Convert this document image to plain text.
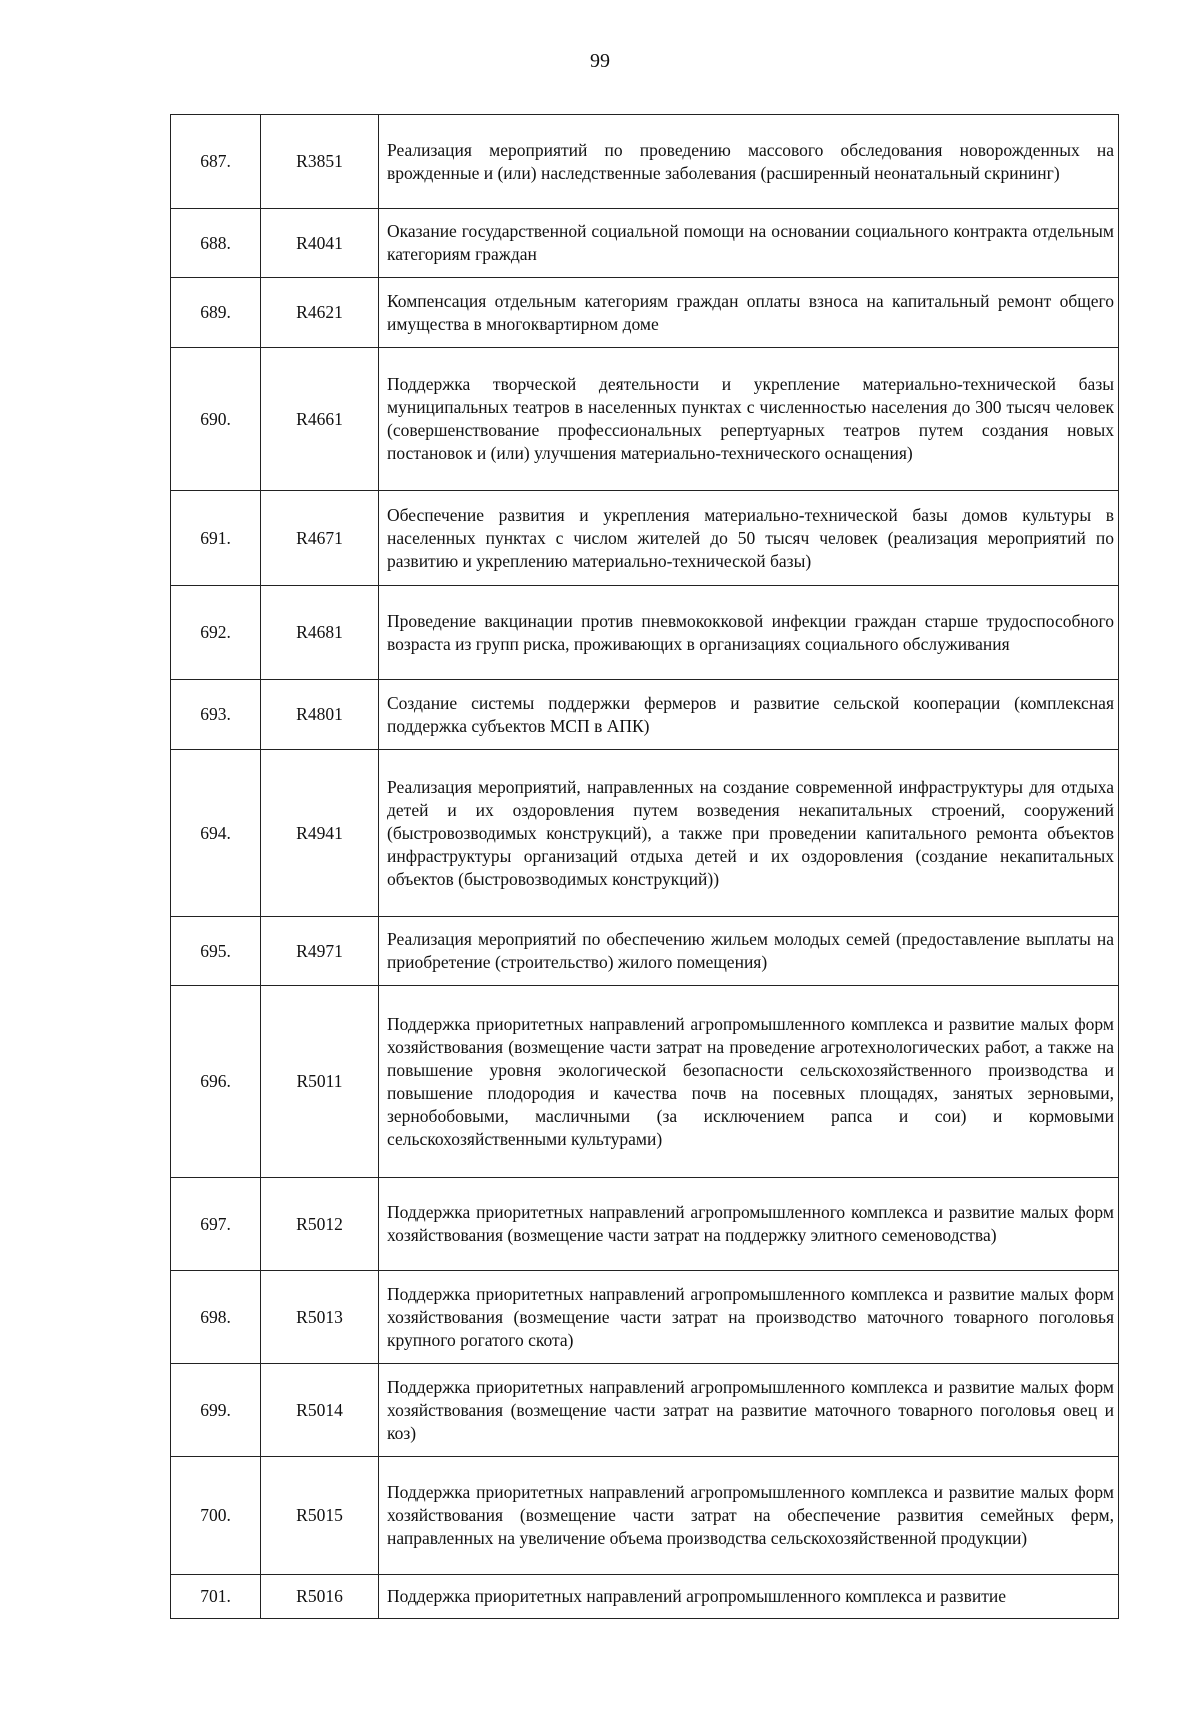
99
687.	R3851	Реализация мероприятий по проведению массового обследования новорожденных на врожденные и (или) наследственные заболевания (расширенный неонатальный скрининг)
688.	R4041	Оказание государственной социальной помощи на основании социального контракта отдельным категориям граждан
689.	R4621	Компенсация отдельным категориям граждан оплаты взноса на капитальный ремонт общего имущества в многоквартирном доме
690.	R4661	Поддержка творческой деятельности и укрепление материально-технической базы муниципальных театров в населенных пунктах с численностью населения до 300 тысяч человек (совершенствование профессиональных репертуарных театров путем создания новых постановок и (или) улучшения материально-технического оснащения)
691.	R4671	Обеспечение развития и укрепления материально-технической базы домов культуры в населенных пунктах с числом жителей до 50 тысяч человек (реализация мероприятий по развитию и укреплению материально-технической базы)
692.	R4681	Проведение вакцинации против пневмококковой инфекции граждан старше трудоспособного возраста из групп риска, проживающих в организациях социального обслуживания
693.	R4801	Создание системы поддержки фермеров и развитие сельской кооперации (комплексная поддержка субъектов МСП в АПК)
694.	R4941	Реализация мероприятий, направленных на создание современной инфраструктуры для отдыха детей и их оздоровления путем возведения некапитальных строений, сооружений (быстровозводимых конструкций), а также при проведении капитального ремонта объектов инфраструктуры организаций отдыха детей и их оздоровления (создание некапитальных объектов (быстровозводимых конструкций))
695.	R4971	Реализация мероприятий по обеспечению жильем молодых семей (предоставление выплаты на приобретение (строительство) жилого помещения)
696.	R5011	Поддержка приоритетных направлений агропромышленного комплекса и развитие малых форм хозяйствования (возмещение части затрат на проведение агротехнологических работ, а также на повышение уровня экологической безопасности сельскохозяйственного производства и повышение плодородия и качества почв на посевных площадях, занятых зерновыми, зернобобовыми, масличными (за исключением рапса и сои) и кормовыми сельскохозяйственными культурами)
697.	R5012	Поддержка приоритетных направлений агропромышленного комплекса и развитие малых форм хозяйствования (возмещение части затрат на поддержку элитного семеноводства)
698.	R5013	Поддержка приоритетных направлений агропромышленного комплекса и развитие малых форм хозяйствования (возмещение части затрат на производство маточного товарного поголовья крупного рогатого скота)
699.	R5014	Поддержка приоритетных направлений агропромышленного комплекса и развитие малых форм хозяйствования (возмещение части затрат на развитие маточного товарного поголовья овец и коз)
700.	R5015	Поддержка приоритетных направлений агропромышленного комплекса и развитие малых форм хозяйствования (возмещение части затрат на обеспечение развития семейных ферм, направленных на увеличение объема производства сельскохозяйственной продукции)
701.	R5016	Поддержка приоритетных направлений агропромышленного комплекса и развитие
